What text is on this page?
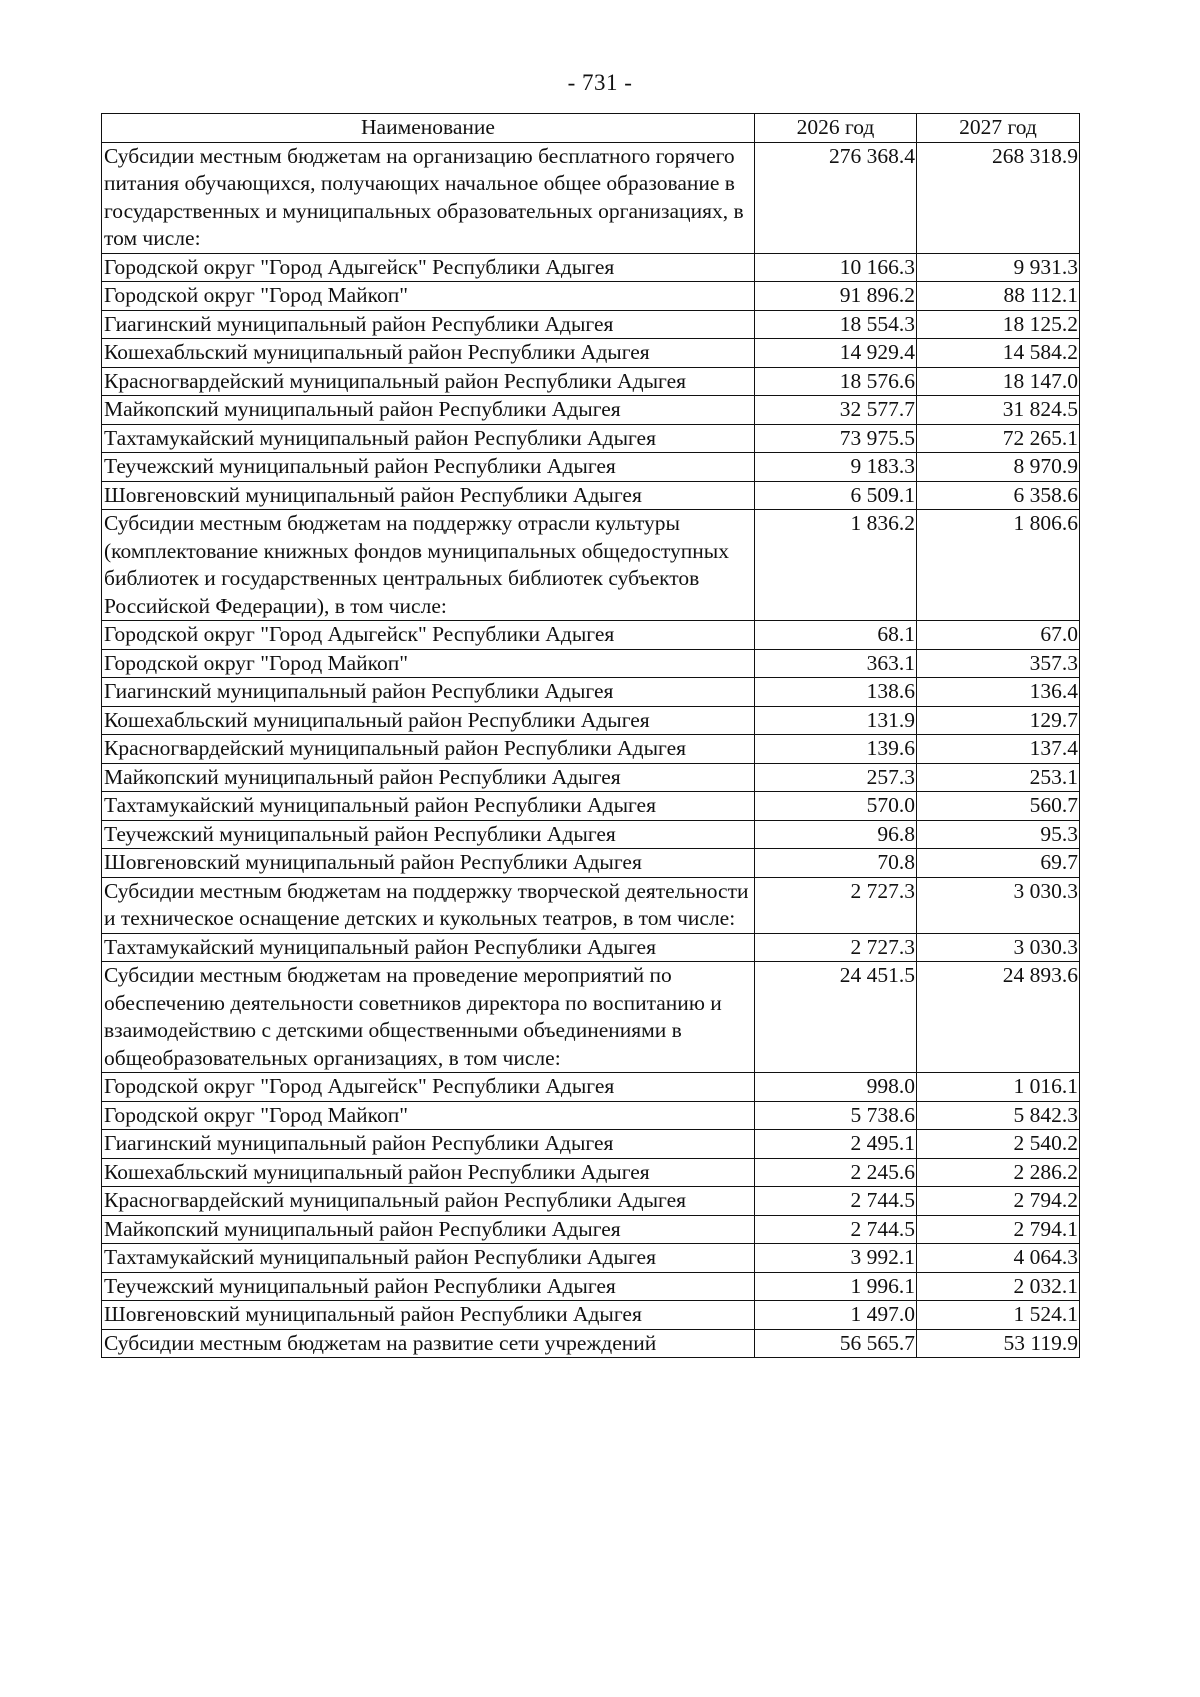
- 731 -
Наименование	2026 год	2027 год
Субсидии местным бюджетам на организацию бесплатного горячего питания обучающихся, получающих начальное общее образование в государственных и муниципальных образовательных организациях, в том числе:	276 368.4	268 318.9
Городской округ "Город Адыгейск" Республики Адыгея	10 166.3	9 931.3
Городской округ "Город Майкоп"	91 896.2	88 112.1
Гиагинский муниципальный район Республики Адыгея	18 554.3	18 125.2
Кошехабльский муниципальный район Республики Адыгея	14 929.4	14 584.2
Красногвардейский муниципальный район Республики Адыгея	18 576.6	18 147.0
Майкопский муниципальный район Республики Адыгея	32 577.7	31 824.5
Тахтамукайский муниципальный район Республики Адыгея	73 975.5	72 265.1
Теучежский муниципальный район Республики Адыгея	9 183.3	8 970.9
Шовгеновский муниципальный район Республики Адыгея	6 509.1	6 358.6
Субсидии местным бюджетам на поддержку отрасли культуры (комплектование книжных фондов муниципальных общедоступных библиотек и государственных центральных библиотек субъектов Российской Федерации), в том числе:	1 836.2	1 806.6
Городской округ "Город Адыгейск" Республики Адыгея	68.1	67.0
Городской округ "Город Майкоп"	363.1	357.3
Гиагинский муниципальный район Республики Адыгея	138.6	136.4
Кошехабльский муниципальный район Республики Адыгея	131.9	129.7
Красногвардейский муниципальный район Республики Адыгея	139.6	137.4
Майкопский муниципальный район Республики Адыгея	257.3	253.1
Тахтамукайский муниципальный район Республики Адыгея	570.0	560.7
Теучежский муниципальный район Республики Адыгея	96.8	95.3
Шовгеновский муниципальный район Республики Адыгея	70.8	69.7
Субсидии местным бюджетам на поддержку творческой деятельности и техническое оснащение детских и кукольных театров, в том числе:	2 727.3	3 030.3
Тахтамукайский муниципальный район Республики Адыгея	2 727.3	3 030.3
Субсидии местным бюджетам на проведение мероприятий по обеспечению деятельности советников директора по воспитанию и взаимодействию с детскими общественными объединениями в общеобразовательных организациях, в том числе:	24 451.5	24 893.6
Городской округ "Город Адыгейск" Республики Адыгея	998.0	1 016.1
Городской округ "Город Майкоп"	5 738.6	5 842.3
Гиагинский муниципальный район Республики Адыгея	2 495.1	2 540.2
Кошехабльский муниципальный район Республики Адыгея	2 245.6	2 286.2
Красногвардейский муниципальный район Республики Адыгея	2 744.5	2 794.2
Майкопский муниципальный район Республики Адыгея	2 744.5	2 794.1
Тахтамукайский муниципальный район Республики Адыгея	3 992.1	4 064.3
Теучежский муниципальный район Республики Адыгея	1 996.1	2 032.1
Шовгеновский муниципальный район Республики Адыгея	1 497.0	1 524.1
Субсидии местным бюджетам на развитие сети учреждений	56 565.7	53 119.9
